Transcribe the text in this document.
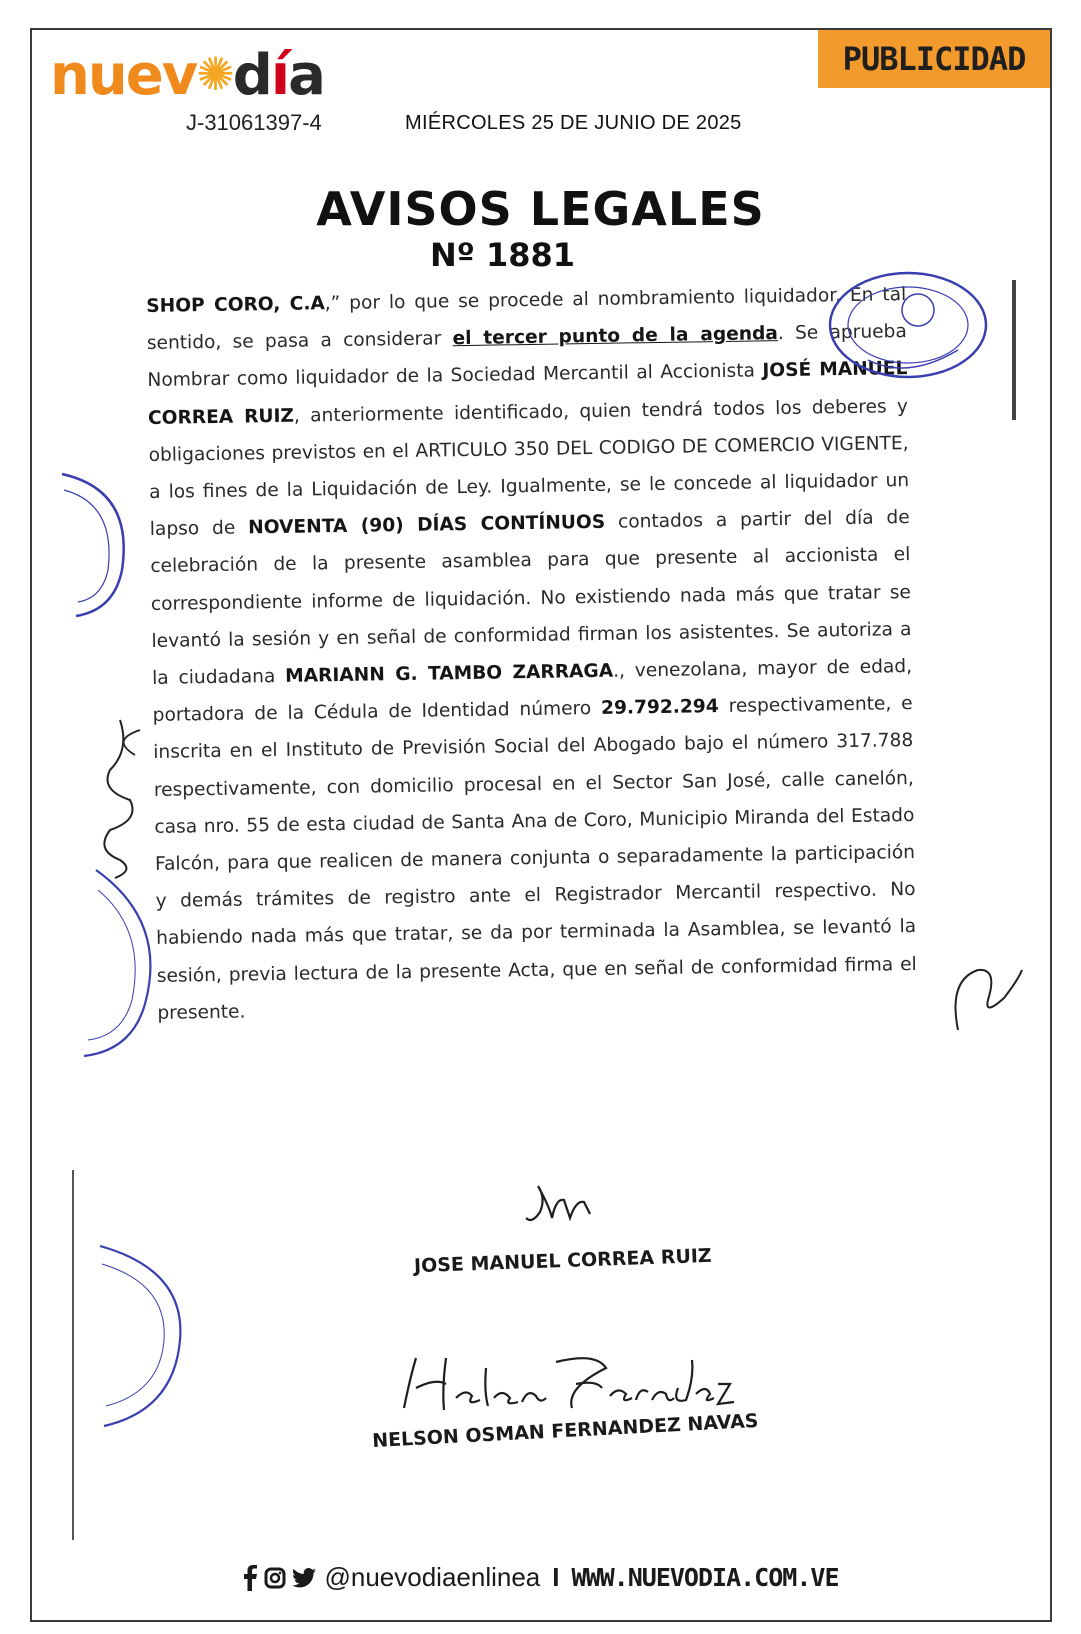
nuev✺día
J-31061397-4	MIÉRCOLES 25 DE JUNIO DE 2025
PUBLICIDAD
AVISOS LEGALES
Nº 1881
SHOP CORO, C.A,” por lo que se procede al nombramiento liquidador. En tal sentido, se pasa a considerar el tercer punto de la agenda. Se aprueba Nombrar como liquidador de la Sociedad Mercantil al Accionista JOSÉ MANUEL CORREA RUIZ, anteriormente identificado, quien tendrá todos los deberes y obligaciones previstos en el ARTICULO 350 DEL CODIGO DE COMERCIO VIGENTE, a los fines de la Liquidación de Ley. Igualmente, se le concede al liquidador un lapso de NOVENTA (90) DÍAS CONTÍNUOS contados a partir del día de celebración de la presente asamblea para que presente al accionista el correspondiente informe de liquidación. No existiendo nada más que tratar se levantó la sesión y en señal de conformidad firman los asistentes. Se autoriza a la ciudadana MARIANN G. TAMBO ZARRAGA., venezolana, mayor de edad, portadora de la Cédula de Identidad número 29.792.294 respectivamente, e inscrita en el Instituto de Previsión Social del Abogado bajo el número 317.788 respectivamente, con domicilio procesal en el Sector San José, calle canelón, casa nro. 55 de esta ciudad de Santa Ana de Coro, Municipio Miranda del Estado Falcón, para que realicen de manera conjunta o separadamente la participación y demás trámites de registro ante el Registrador Mercantil respectivo. No habiendo nada más que tratar, se da por terminada la Asamblea, se levantó la sesión, previa lectura de la presente Acta, que en señal de conformidad firma el presente.
JOSE MANUEL CORREA RUIZ
NELSON OSMAN FERNANDEZ NAVAS
@nuevodiaenlinea I WWW.NUEVODIA.COM.VE
